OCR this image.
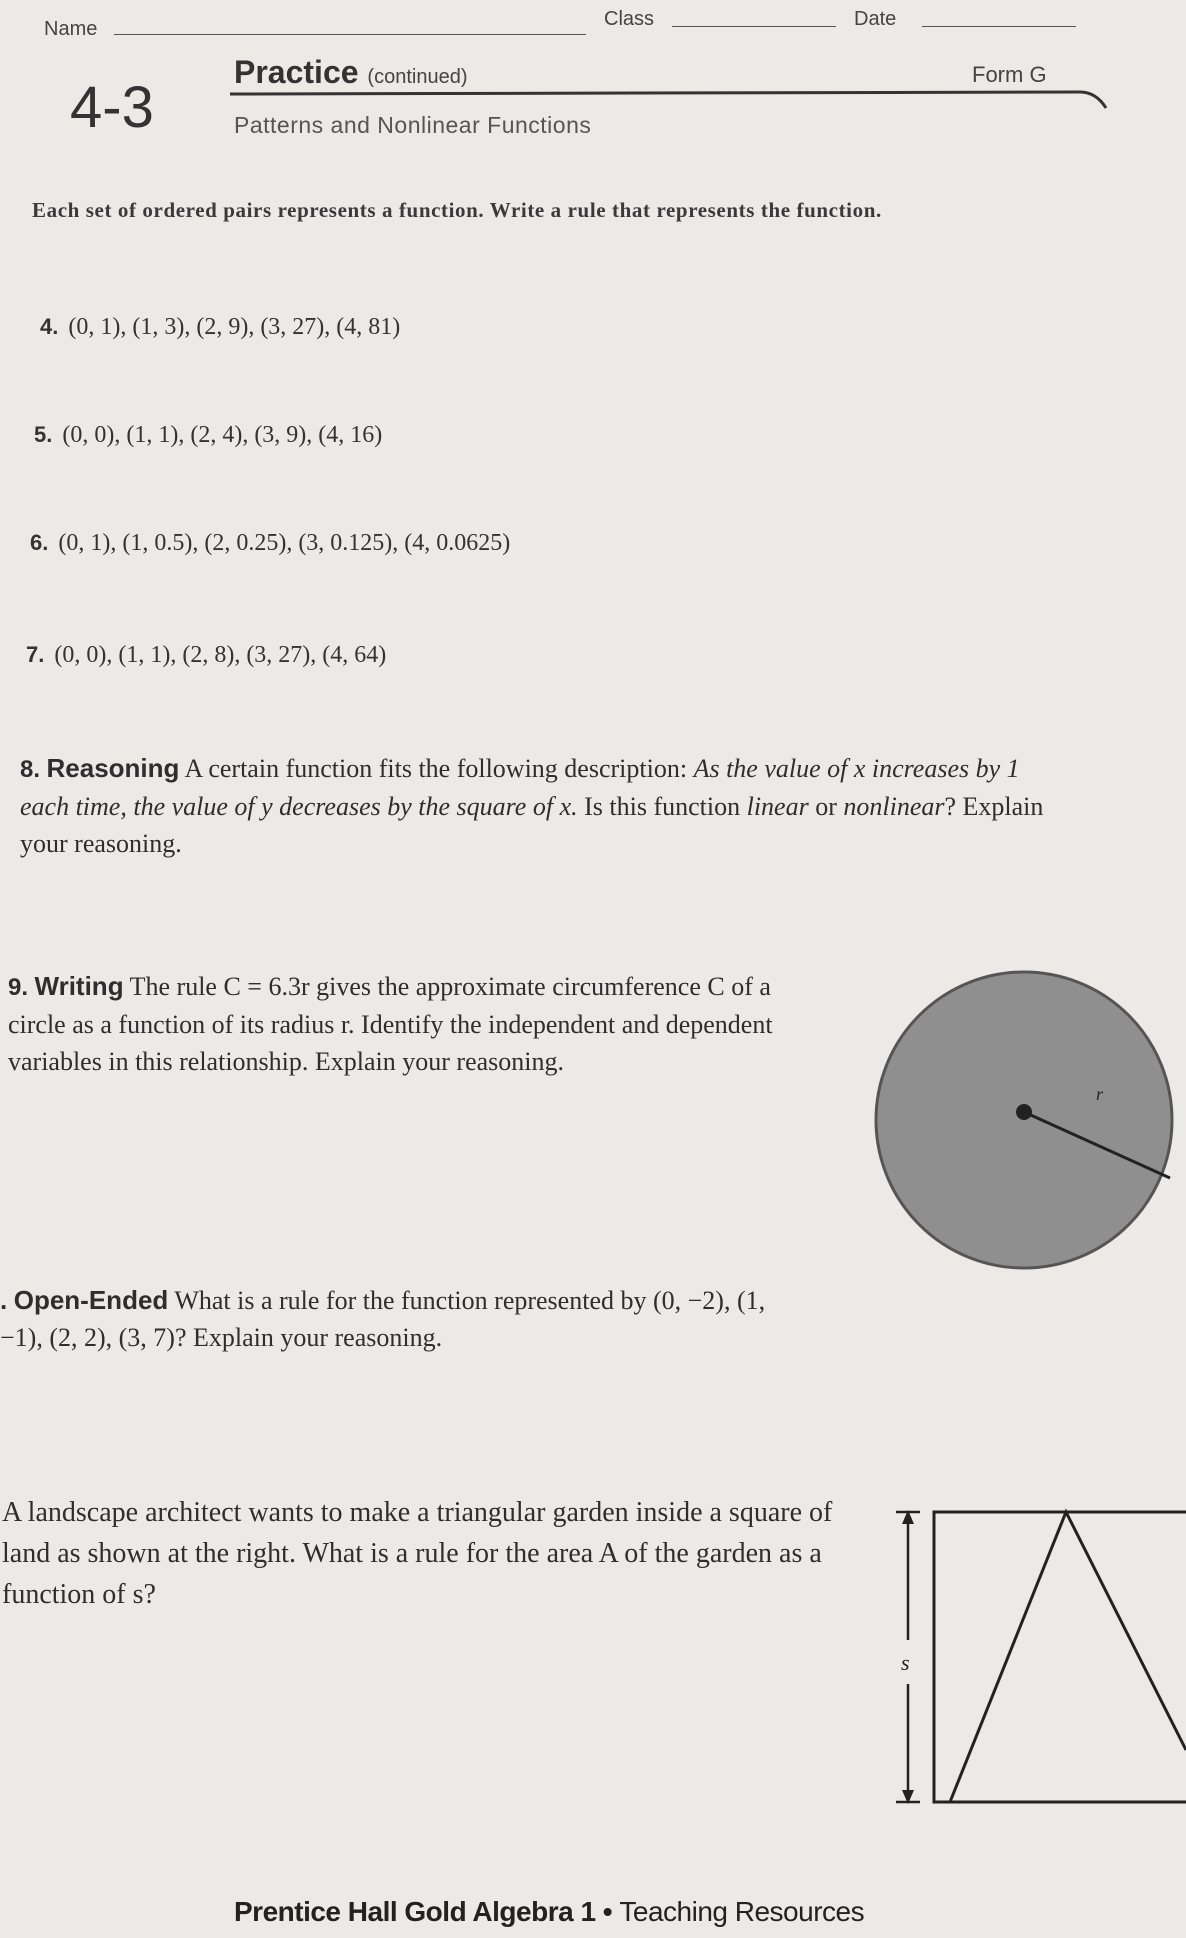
Name	Class	Date
4-3
Practice (continued)	Form G
Patterns and Nonlinear Functions
Each set of ordered pairs represents a function. Write a rule that represents the function.
4. (0, 1), (1, 3), (2, 9), (3, 27), (4, 81)
5. (0, 0), (1, 1), (2, 4), (3, 9), (4, 16)
6. (0, 1), (1, 0.5), (2, 0.25), (3, 0.125), (4, 0.0625)
7. (0, 0), (1, 1), (2, 8), (3, 27), (4, 64)
8. Reasoning A certain function fits the following description: As the value of x increases by 1 each time, the value of y decreases by the square of x. Is this function linear or nonlinear? Explain your reasoning.
9. Writing The rule C = 6.3r gives the approximate circumference C of a circle as a function of its radius r. Identify the independent and dependent variables in this relationship. Explain your reasoning.
r
. Open-Ended What is a rule for the function represented by (0, −2), (1, −1), (2, 2), (3, 7)? Explain your reasoning.
A landscape architect wants to make a triangular garden inside a square of land as shown at the right. What is a rule for the area A of the garden as a function of s?
s
Prentice Hall Gold Algebra 1 • Teaching Resources
